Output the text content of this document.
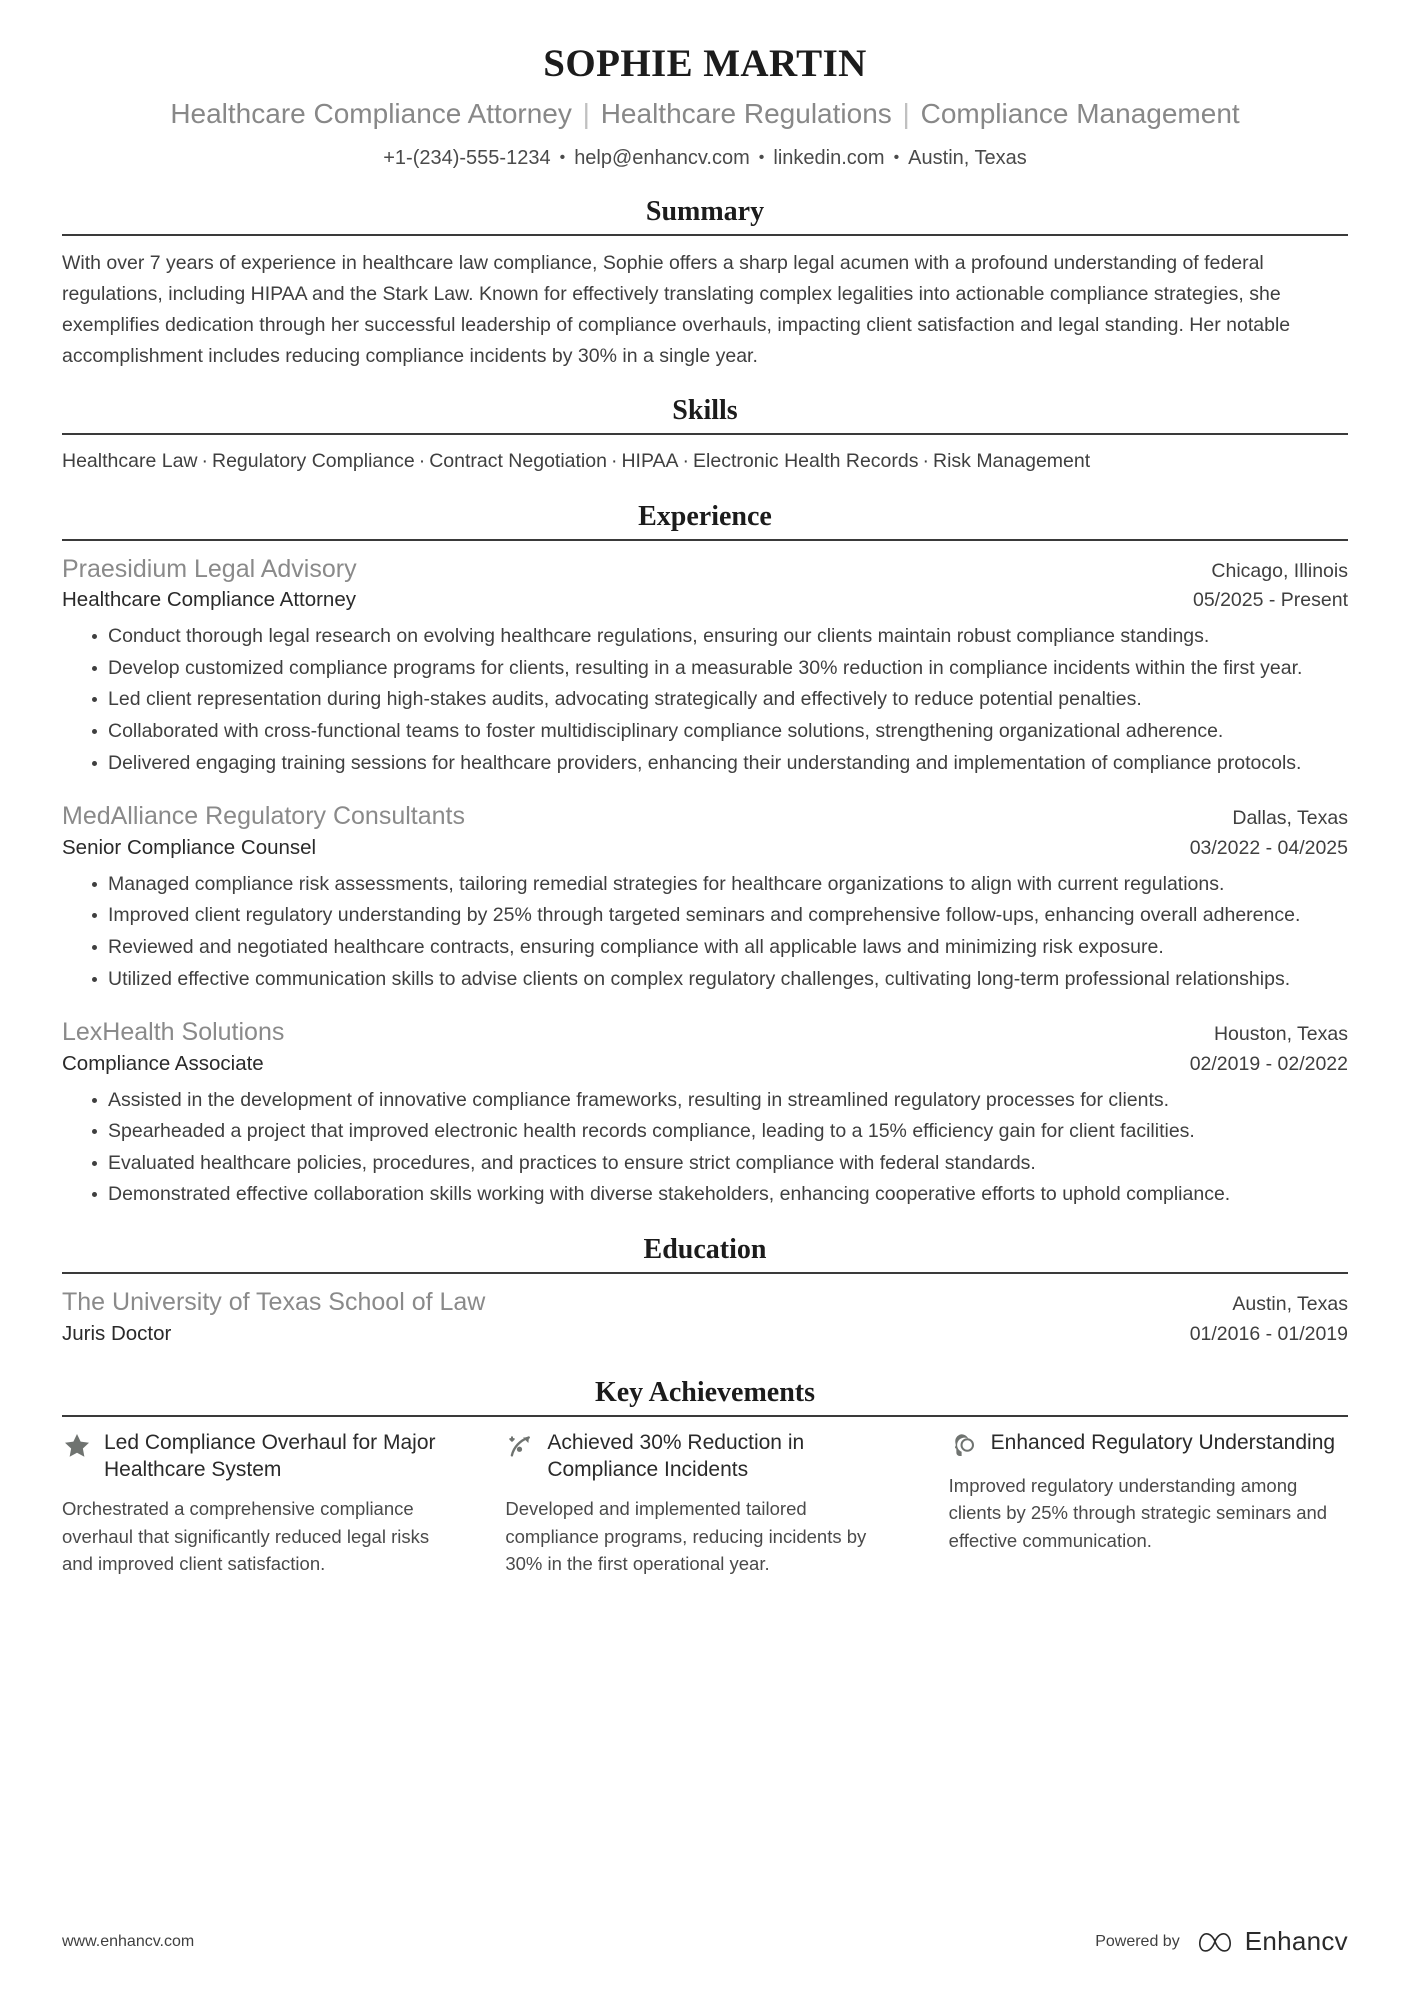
SOPHIE MARTIN
Healthcare Compliance Attorney | Healthcare Regulations | Compliance Management
+1-(234)-555-1234 • help@enhancv.com • linkedin.com • Austin, Texas
Summary
With over 7 years of experience in healthcare law compliance, Sophie offers a sharp legal acumen with a profound understanding of federal regulations, including HIPAA and the Stark Law. Known for effectively translating complex legalities into actionable compliance strategies, she exemplifies dedication through her successful leadership of compliance overhauls, impacting client satisfaction and legal standing. Her notable accomplishment includes reducing compliance incidents by 30% in a single year.
Skills
Healthcare Law · Regulatory Compliance · Contract Negotiation · HIPAA · Electronic Health Records · Risk Management
Experience
Praesidium Legal Advisory	Chicago, Illinois
Healthcare Compliance Attorney	05/2025 - Present
Conduct thorough legal research on evolving healthcare regulations, ensuring our clients maintain robust compliance standings.
Develop customized compliance programs for clients, resulting in a measurable 30% reduction in compliance incidents within the first year.
Led client representation during high-stakes audits, advocating strategically and effectively to reduce potential penalties.
Collaborated with cross-functional teams to foster multidisciplinary compliance solutions, strengthening organizational adherence.
Delivered engaging training sessions for healthcare providers, enhancing their understanding and implementation of compliance protocols.
MedAlliance Regulatory Consultants	Dallas, Texas
Senior Compliance Counsel	03/2022 - 04/2025
Managed compliance risk assessments, tailoring remedial strategies for healthcare organizations to align with current regulations.
Improved client regulatory understanding by 25% through targeted seminars and comprehensive follow-ups, enhancing overall adherence.
Reviewed and negotiated healthcare contracts, ensuring compliance with all applicable laws and minimizing risk exposure.
Utilized effective communication skills to advise clients on complex regulatory challenges, cultivating long-term professional relationships.
LexHealth Solutions	Houston, Texas
Compliance Associate	02/2019 - 02/2022
Assisted in the development of innovative compliance frameworks, resulting in streamlined regulatory processes for clients.
Spearheaded a project that improved electronic health records compliance, leading to a 15% efficiency gain for client facilities.
Evaluated healthcare policies, procedures, and practices to ensure strict compliance with federal standards.
Demonstrated effective collaboration skills working with diverse stakeholders, enhancing cooperative efforts to uphold compliance.
Education
The University of Texas School of Law	Austin, Texas
Juris Doctor	01/2016 - 01/2019
Key Achievements
Led Compliance Overhaul for Major Healthcare System
Orchestrated a comprehensive compliance overhaul that significantly reduced legal risks and improved client satisfaction.
Achieved 30% Reduction in Compliance Incidents
Developed and implemented tailored compliance programs, reducing incidents by 30% in the first operational year.
Enhanced Regulatory Understanding
Improved regulatory understanding among clients by 25% through strategic seminars and effective communication.
www.enhancv.com	Powered by	Enhancv
